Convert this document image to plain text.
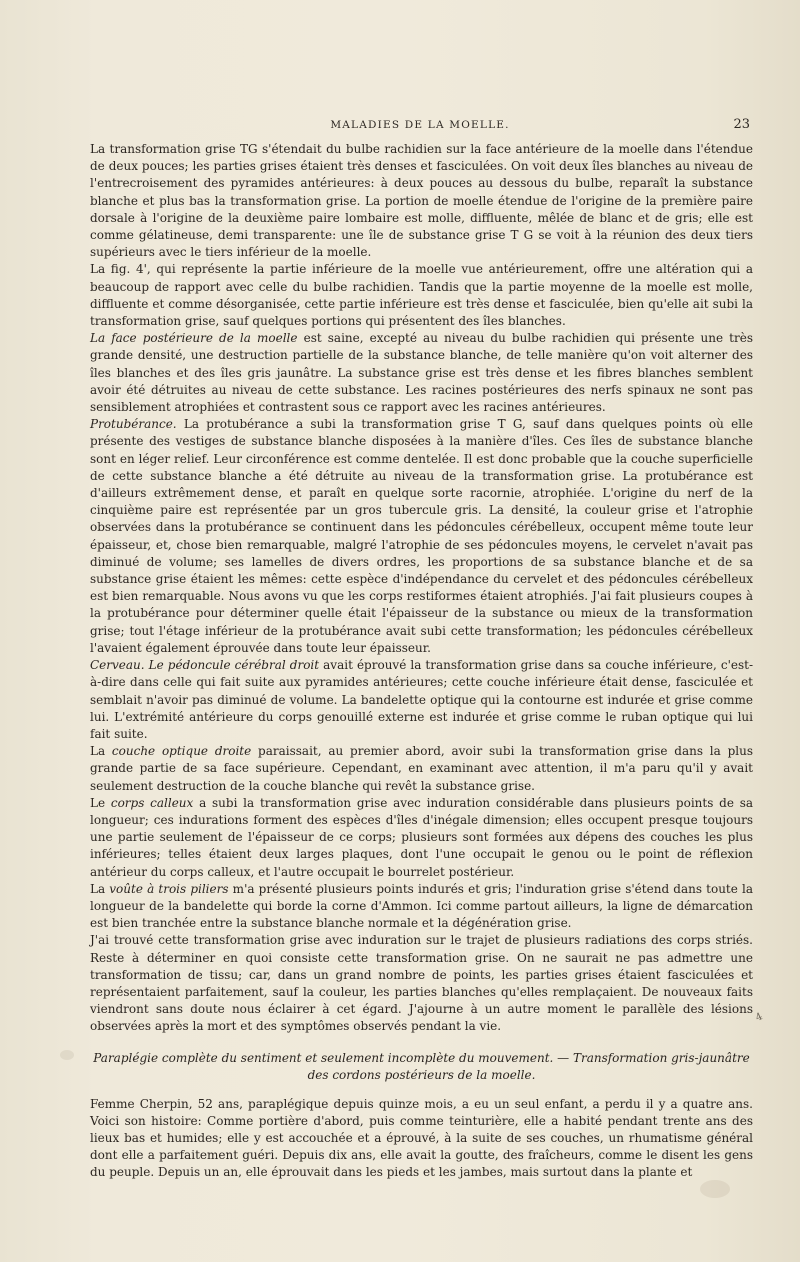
MALADIES DE LA MOELLE.	23

La transformation grise TG s'étendait du bulbe rachidien sur la face antérieure de la moelle dans l'étendue de deux pouces; les parties grises étaient très denses et fasciculées. On voit deux îles blanches au niveau de l'entrecroisement des pyramides antérieures: à deux pouces au dessous du bulbe, reparaît la substance blanche et plus bas la transformation grise. La portion de moelle étendue de l'origine de la première paire dorsale à l'origine de la deuxième paire lombaire est molle, diffluente, mêlée de blanc et de gris; elle est comme gélatineuse, demi transparente: une île de substance grise T G se voit à la réunion des deux tiers supérieurs avec le tiers inférieur de la moelle.

La fig. 4', qui représente la partie inférieure de la moelle vue antérieurement, offre une altération qui a beaucoup de rapport avec celle du bulbe rachidien. Tandis que la partie moyenne de la moelle est molle, diffluente et comme désorganisée, cette partie inférieure est très dense et fasciculée, bien qu'elle ait subi la transformation grise, sauf quelques portions qui présentent des îles blanches.

La face postérieure de la moelle est saine, excepté au niveau du bulbe rachidien qui présente une très grande densité, une destruction partielle de la substance blanche, de telle manière qu'on voit alterner des îles blanches et des îles gris jaunâtre. La substance grise est très dense et les fibres blanches semblent avoir été détruites au niveau de cette substance. Les racines postérieures des nerfs spinaux ne sont pas sensiblement atrophiées et contrastent sous ce rapport avec les racines antérieures.

Protubérance. La protubérance a subi la transformation grise T G, sauf dans quelques points où elle présente des vestiges de substance blanche disposées à la manière d'îles. Ces îles de substance blanche sont en léger relief. Leur circonférence est comme dentelée. Il est donc probable que la couche superficielle de cette substance blanche a été détruite au niveau de la transformation grise. La protubérance est d'ailleurs extrêmement dense, et paraît en quelque sorte racornie, atrophiée. L'origine du nerf de la cinquième paire est représentée par un gros tubercule gris. La densité, la couleur grise et l'atrophie observées dans la protubérance se continuent dans les pédoncules cérébelleux, occupent même toute leur épaisseur, et, chose bien remarquable, malgré l'atrophie de ses pédoncules moyens, le cervelet n'avait pas diminué de volume; ses lamelles de divers ordres, les proportions de sa substance blanche et de sa substance grise étaient les mêmes: cette espèce d'indépendance du cervelet et des pédoncules cérébelleux est bien remarquable. Nous avons vu que les corps restiformes étaient atrophiés. J'ai fait plusieurs coupes à la protubérance pour déterminer quelle était l'épaisseur de la substance ou mieux de la transformation grise; tout l'étage inférieur de la protubérance avait subi cette transformation; les pédoncules cérébelleux l'avaient également éprouvée dans toute leur épaisseur.

Cerveau. Le pédoncule cérébral droit avait éprouvé la transformation grise dans sa couche inférieure, c'est-à-dire dans celle qui fait suite aux pyramides antérieures; cette couche inférieure était dense, fasciculée et semblait n'avoir pas diminué de volume. La bandelette optique qui la contourne est indurée et grise comme lui. L'extrémité antérieure du corps genouillé externe est indurée et grise comme le ruban optique qui lui fait suite.

La couche optique droite paraissait, au premier abord, avoir subi la transformation grise dans la plus grande partie de sa face supérieure. Cependant, en examinant avec attention, il m'a paru qu'il y avait seulement destruction de la couche blanche qui revêt la substance grise.

Le corps calleux a subi la transformation grise avec induration considérable dans plusieurs points de sa longueur; ces indurations forment des espèces d'îles d'inégale dimension; elles occupent presque toujours une partie seulement de l'épaisseur de ce corps; plusieurs sont formées aux dépens des couches les plus inférieures; telles étaient deux larges plaques, dont l'une occupait le genou ou le point de réflexion antérieur du corps calleux, et l'autre occupait le bourrelet postérieur.

La voûte à trois piliers m'a présenté plusieurs points indurés et gris; l'induration grise s'étend dans toute la longueur de la bandelette qui borde la corne d'Ammon. Ici comme partout ailleurs, la ligne de démarcation est bien tranchée entre la substance blanche normale et la dégénération grise.

J'ai trouvé cette transformation grise avec induration sur le trajet de plusieurs radiations des corps striés. Reste à déterminer en quoi consiste cette transformation grise. On ne saurait ne pas admettre une transformation de tissu; car, dans un grand nombre de points, les parties grises étaient fasciculées et représentaient parfaitement, sauf la couleur, les parties blanches qu'elles remplaçaient. De nouveaux faits viendront sans doute nous éclairer à cet égard. J'ajourne à un autre moment le parallèle des lésions observées après la mort et des symptômes observés pendant la vie.

Paraplégie complète du sentiment et seulement incomplète du mouvement. — Transformation gris-jaunâtre
des cordons postérieurs de la moelle.

Femme Cherpin, 52 ans, paraplégique depuis quinze mois, a eu un seul enfant, a perdu il y a quatre ans. Voici son histoire: Comme portière d'abord, puis comme teinturière, elle a habité pendant trente ans des lieux bas et humides; elle y est accouchée et a éprouvé, à la suite de ses couches, un rhumatisme général dont elle a parfaitement guéri. Depuis dix ans, elle avait la goutte, des fraîcheurs, comme le disent les gens du peuple. Depuis un an, elle éprouvait dans les pieds et les jambes, mais surtout dans la plante et

4
